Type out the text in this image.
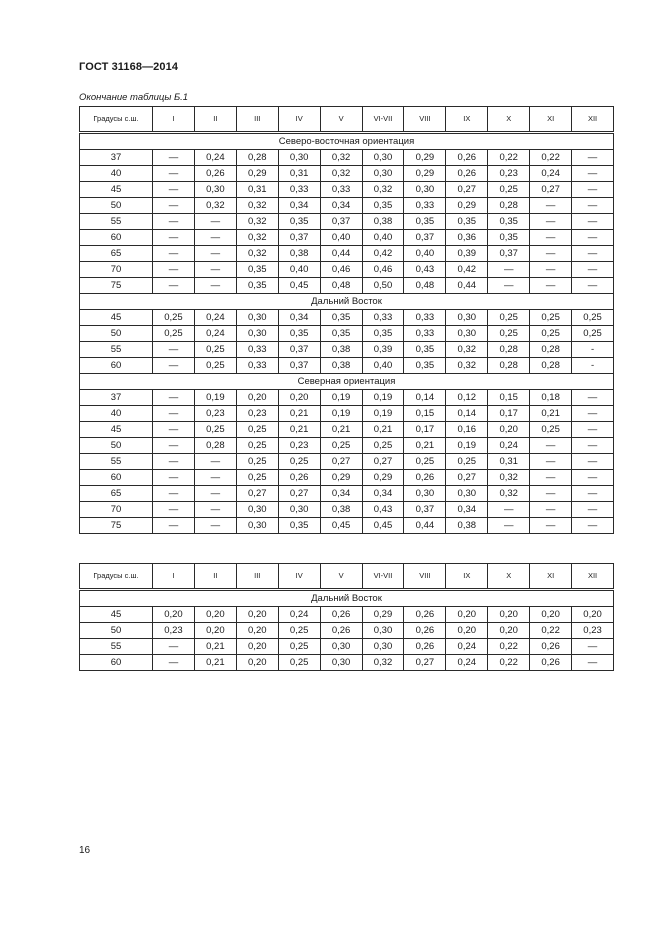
ГОСТ 31168—2014
Окончание таблицы Б.1
Градусы с.ш.	I	II	III	IV	V	VI-VII	VIII	IX	X	XI	XII
Северо-восточная ориентация											
37	—	0,24	0,28	0,30	0,32	0,30	0,29	0,26	0,22	0,22	—
40	—	0,26	0,29	0,31	0,32	0,30	0,29	0,26	0,23	0,24	—
45	—	0,30	0,31	0,33	0,33	0,32	0,30	0,27	0,25	0,27	—
50	—	0,32	0,32	0,34	0,34	0,35	0,33	0,29	0,28	—	—
55	—	—	0,32	0,35	0,37	0,38	0,35	0,35	0,35	—	—
60	—	—	0,32	0,37	0,40	0,40	0,37	0,36	0,35	—	—
65	—	—	0,32	0,38	0,44	0,42	0,40	0,39	0,37	—	—
70	—	—	0,35	0,40	0,46	0,46	0,43	0,42	—	—	—
75	—	—	0,35	0,45	0,48	0,50	0,48	0,44	—	—	—
Дальний Восток											
45	0,25	0,24	0,30	0,34	0,35	0,33	0,33	0,30	0,25	0,25	0,25
50	0,25	0,24	0,30	0,35	0,35	0,35	0,33	0,30	0,25	0,25	0,25
55	—	0,25	0,33	0,37	0,38	0,39	0,35	0,32	0,28	0,28	-
60	—	0,25	0,33	0,37	0,38	0,40	0,35	0,32	0,28	0,28	-
Северная ориентация											
37	—	0,19	0,20	0,20	0,19	0,19	0,14	0,12	0,15	0,18	—
40	—	0,23	0,23	0,21	0,19	0,19	0,15	0,14	0,17	0,21	—
45	—	0,25	0,25	0,21	0,21	0,21	0,17	0,16	0,20	0,25	—
50	—	0,28	0,25	0,23	0,25	0,25	0,21	0,19	0,24	—	—
55	—	—	0,25	0,25	0,27	0,27	0,25	0,25	0,31	—	—
60	—	—	0,25	0,26	0,29	0,29	0,26	0,27	0,32	—	—
65	—	—	0,27	0,27	0,34	0,34	0,30	0,30	0,32	—	—
70	—	—	0,30	0,30	0,38	0,43	0,37	0,34	—	—	—
75	—	—	0,30	0,35	0,45	0,45	0,44	0,38	—	—	—
Градусы с.ш.	I	II	III	IV	V	VI-VII	VIII	IX	X	XI	XII
Дальний Восток											
45	0,20	0,20	0,20	0,24	0,26	0,29	0,26	0,20	0,20	0,20	0,20
50	0,23	0,20	0,20	0,25	0,26	0,30	0,26	0,20	0,20	0,22	0,23
55	—	0,21	0,20	0,25	0,30	0,30	0,26	0,24	0,22	0,26	—
60	—	0,21	0,20	0,25	0,30	0,32	0,27	0,24	0,22	0,26	—
16
